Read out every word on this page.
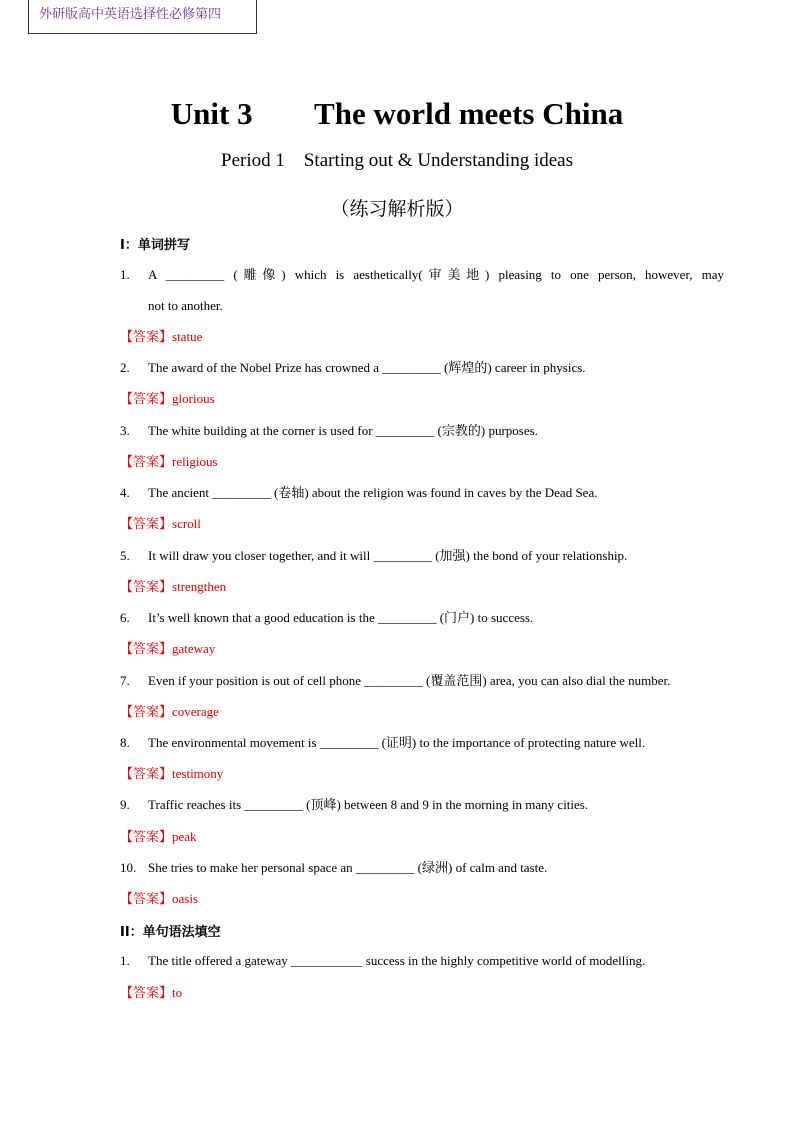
外研版高中英语选择性必修第四
Unit 3        The world meets China
Period 1    Starting out & Understanding ideas
（练习解析版）
I：单词拼写
1. A _________ (雕像) which is aesthetically(审美地) pleasing to one person, however, may
not to another.
【答案】statue
2. The award of the Nobel Prize has crowned a _________ (辉煌的) career in physics.
【答案】glorious
3. The white building at the corner is used for _________ (宗教的) purposes.
【答案】religious
4. The ancient _________ (卷轴) about the religion was found in caves by the Dead Sea.
【答案】scroll
5. It will draw you closer together, and it will _________ (加强) the bond of your relationship.
【答案】strengthen
6. It’s well known that a good education is the _________ (门户) to success.
【答案】gateway
7. Even if your position is out of cell phone _________ (覆盖范围) area, you can also dial the number.
【答案】coverage
8. The environmental movement is _________ (证明) to the importance of protecting nature well.
【答案】testimony
9. Traffic reaches its _________ (顶峰) between 8 and 9 in the morning in many cities.
【答案】peak
10. She tries to make her personal space an _________ (绿洲) of calm and taste.
【答案】oasis
II：单句语法填空
1. The title offered a gateway ___________ success in the highly competitive world of modelling.
【答案】to
